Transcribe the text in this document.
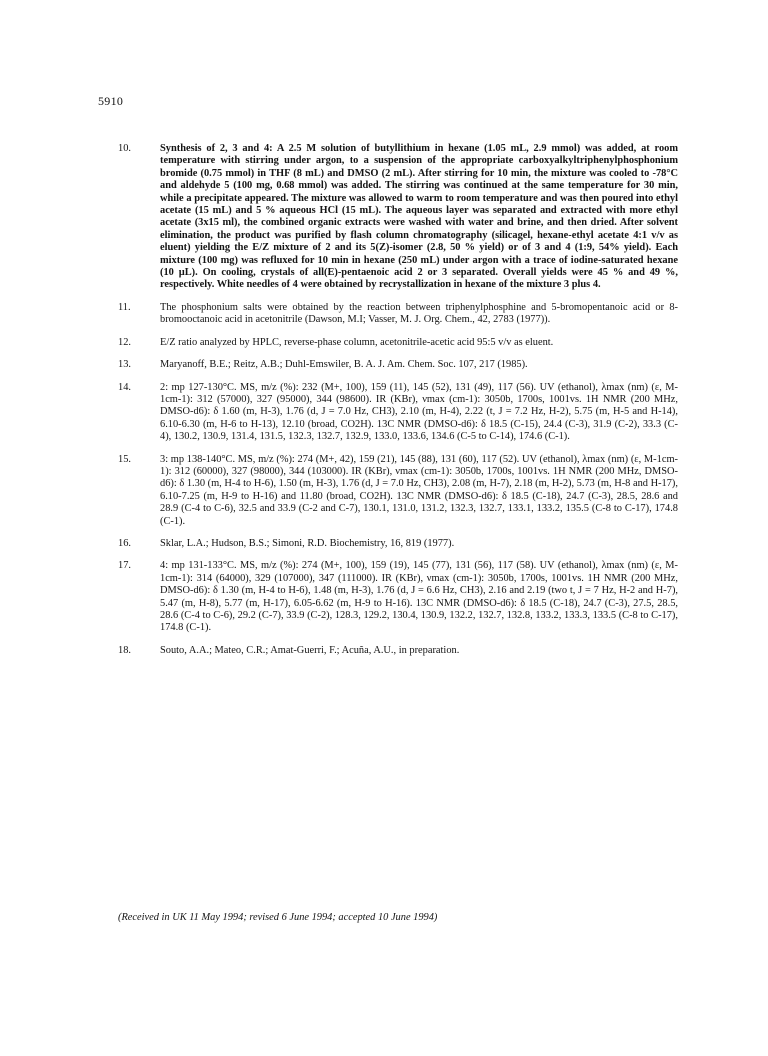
5910
10.	Synthesis of 2, 3 and 4: A 2.5 M solution of butyllithium in hexane (1.05 mL, 2.9 mmol) was added, at room temperature with stirring under argon, to a suspension of the appropriate carboxyalkyltriphenylphosphonium bromide (0.75 mmol) in THF (8 mL) and DMSO (2 mL). After stirring for 10 min, the mixture was cooled to -78°C and aldehyde 5 (100 mg, 0.68 mmol) was added. The stirring was continued at the same temperature for 30 min, while a precipitate appeared. The mixture was allowed to warm to room temperature and was then poured into ethyl acetate (15 mL) and 5 % aqueous HCl (15 mL). The aqueous layer was separated and extracted with more ethyl acetate (3x15 ml), the combined organic extracts were washed with water and brine, and then dried. After solvent elimination, the product was purified by flash column chromatography (silicagel, hexane-ethyl acetate 4:1 v/v as eluent) yielding the E/Z mixture of 2 and its 5(Z)-isomer (2.8, 50 % yield) or of 3 and 4 (1:9, 54% yield). Each mixture (100 mg) was refluxed for 10 min in hexane (250 mL) under argon with a trace of iodine-saturated hexane (10 µL). On cooling, crystals of all(E)-pentaenoic acid 2 or 3 separated. Overall yields were 45 % and 49 %, respectively. White needles of 4 were obtained by recrystallization in hexane of the mixture 3 plus 4.
11.	The phosphonium salts were obtained by the reaction between triphenylphosphine and 5-bromopentanoic acid or 8-bromooctanoic acid in acetonitrile (Dawson, M.I; Vasser, M. J. Org. Chem., 42, 2783 (1977)).
12.	E/Z ratio analyzed by HPLC, reverse-phase column, acetonitrile-acetic acid 95:5 v/v as eluent.
13.	Maryanoff, B.E.; Reitz, A.B.; Duhl-Emswiler, B. A. J. Am. Chem. Soc. 107, 217 (1985).
14.	2: mp 127-130°C. MS, m/z (%): 232 (M+, 100), 159 (11), 145 (52), 131 (49), 117 (56). UV (ethanol), λmax (nm) (ε, M-1cm-1): 312 (57000), 327 (95000), 344 (98600). IR (KBr), νmax (cm-1): 3050b, 1700s, 1001vs. 1H NMR (200 MHz, DMSO-d6): δ 1.60 (m, H-3), 1.76 (d, J = 7.0 Hz, CH3), 2.10 (m, H-4), 2.22 (t, J = 7.2 Hz, H-2), 5.75 (m, H-5 and H-14), 6.10-6.30 (m, H-6 to H-13), 12.10 (broad, CO2H). 13C NMR (DMSO-d6): δ 18.5 (C-15), 24.4 (C-3), 31.9 (C-2), 33.3 (C-4), 130.2, 130.9, 131.4, 131.5, 132.3, 132.7, 132.9, 133.0, 133.6, 134.6 (C-5 to C-14), 174.6 (C-1).
15.	3: mp 138-140°C. MS, m/z (%): 274 (M+, 42), 159 (21), 145 (88), 131 (60), 117 (52). UV (ethanol), λmax (nm) (ε, M-1cm-1): 312 (60000), 327 (98000), 344 (103000). IR (KBr), νmax (cm-1): 3050b, 1700s, 1001vs. 1H NMR (200 MHz, DMSO-d6): δ 1.30 (m, H-4 to H-6), 1.50 (m, H-3), 1.76 (d, J = 7.0 Hz, CH3), 2.08 (m, H-7), 2.18 (m, H-2), 5.73 (m, H-8 and H-17), 6.10-7.25 (m, H-9 to H-16) and 11.80 (broad, CO2H). 13C NMR (DMSO-d6): δ 18.5 (C-18), 24.7 (C-3), 28.5, 28.6 and 28.9 (C-4 to C-6), 32.5 and 33.9 (C-2 and C-7), 130.1, 131.0, 131.2, 132.3, 132.7, 133.1, 133.2, 135.5 (C-8 to C-17), 174.8 (C-1).
16.	Sklar, L.A.; Hudson, B.S.; Simoni, R.D. Biochemistry, 16, 819 (1977).
17.	4: mp 131-133°C. MS, m/z (%): 274 (M+, 100), 159 (19), 145 (77), 131 (56), 117 (58). UV (ethanol), λmax (nm) (ε, M-1cm-1): 314 (64000), 329 (107000), 347 (111000). IR (KBr), νmax (cm-1): 3050b, 1700s, 1001vs. 1H NMR (200 MHz, DMSO-d6): δ 1.30 (m, H-4 to H-6), 1.48 (m, H-3), 1.76 (d, J = 6.6 Hz, CH3), 2.16 and 2.19 (two t, J = 7 Hz, H-2 and H-7), 5.47 (m, H-8), 5.77 (m, H-17), 6.05-6.62 (m, H-9 to H-16). 13C NMR (DMSO-d6): δ 18.5 (C-18), 24.7 (C-3), 27.5, 28.5, 28.6 (C-4 to C-6), 29.2 (C-7), 33.9 (C-2), 128.3, 129.2, 130.4, 130.9, 132.2, 132.7, 132.8, 133.2, 133.3, 133.5 (C-8 to C-17), 174.8 (C-1).
18.	Souto, A.A.; Mateo, C.R.; Amat-Guerri, F.; Acuña, A.U., in preparation.
(Received in UK 11 May 1994; revised 6 June 1994; accepted 10 June 1994)
